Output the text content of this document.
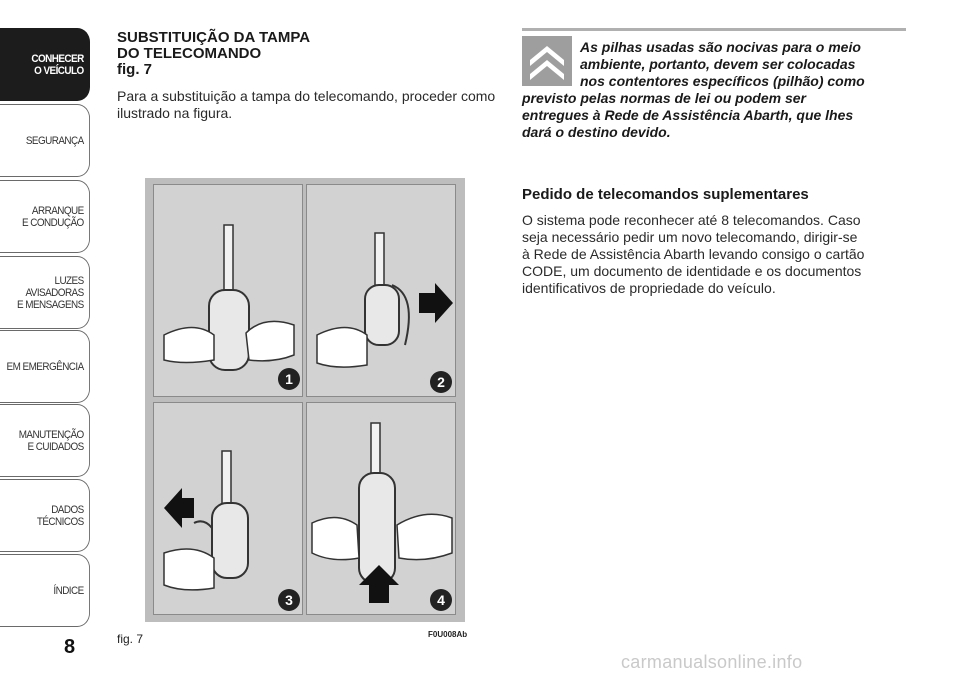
CONHECER
O VEÍCULO
SEGURANÇA
ARRANQUE
E CONDUÇÃO
LUZES
AVISADORAS
E MENSAGENS
EM EMERGÊNCIA
MANUTENÇÃO
E CUIDADOS
DADOS
TÉCNICOS
ÍNDICE
8
SUBSTITUIÇÃO DA TAMPA
DO TELECOMANDO
fig. 7

Para a substituição a tampa do telecomando, proceder como ilustrado na figura.

1	2
3	4
fig. 7	F0U008Ab
As pilhas usadas são nocivas para o meio
ambiente, portanto, devem ser colocadas
nos contentores específicos (pilhão) como
previsto pelas normas de lei ou podem ser
entregues à Rede de Assistência Abarth, que lhes
dará o destino devido.
Pedido de telecomandos suplementares
O sistema pode reconhecer até 8 telecomandos. Caso
seja necessário pedir um novo telecomando, dirigir-se
à Rede de Assistência Abarth levando consigo o cartão
CODE, um documento de identidade e os documentos
identificativos de propriedade do veículo.
carmanualsonline.info
